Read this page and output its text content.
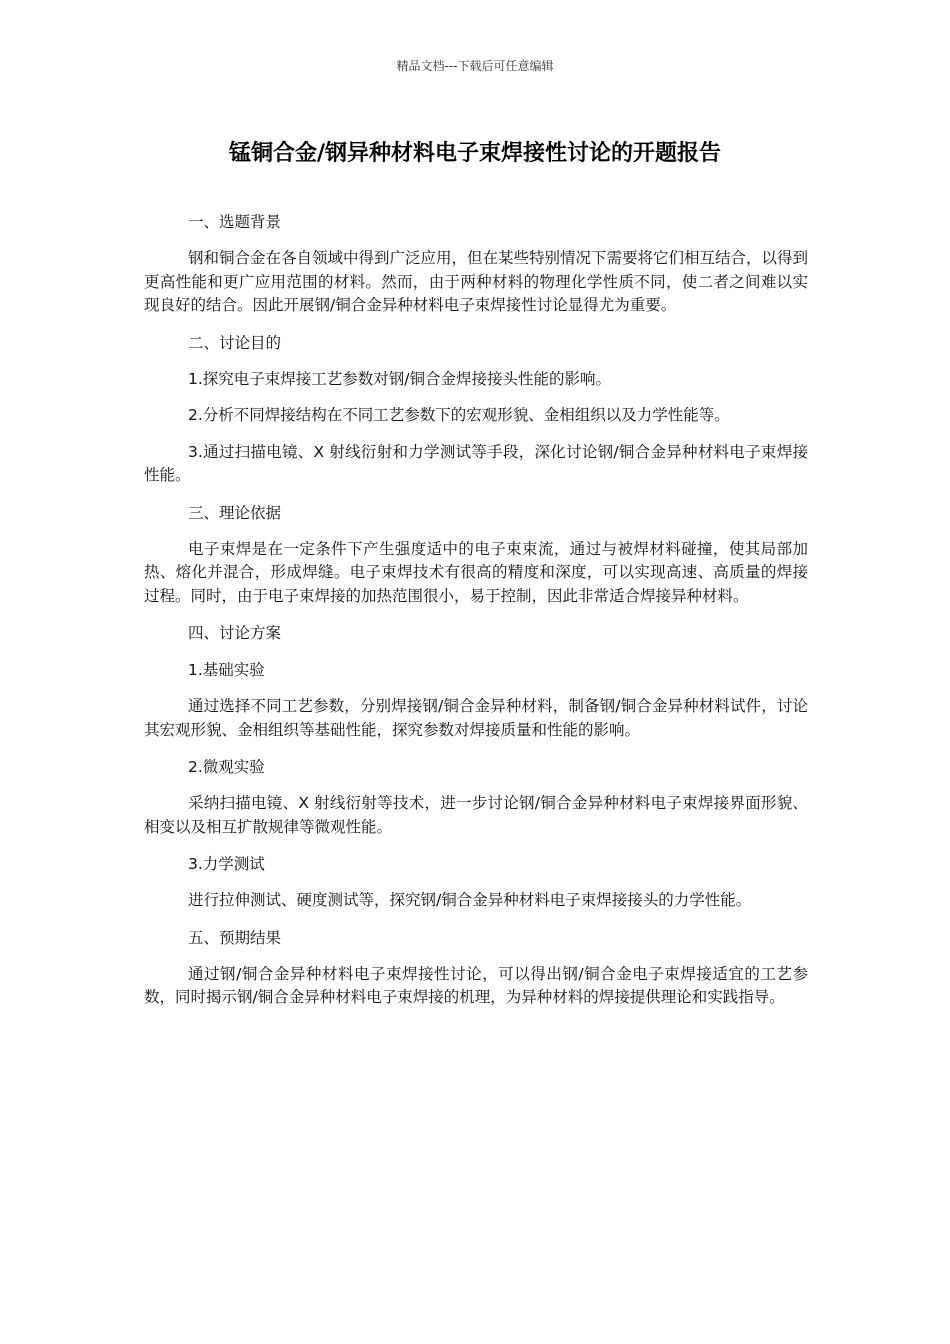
精品文档---下载后可任意编辑
锰铜合金/钢异种材料电子束焊接性讨论的开题报告

一、选题背景

钢和铜合金在各自领域中得到广泛应用，但在某些特别情况下需要将它们相互结合，以得到更高性能和更广应用范围的材料。然而，由于两种材料的物理化学性质不同，使二者之间难以实现良好的结合。因此开展钢/铜合金异种材料电子束焊接性讨论显得尤为重要。

二、讨论目的

1.探究电子束焊接工艺参数对钢/铜合金焊接接头性能的影响。

2.分析不同焊接结构在不同工艺参数下的宏观形貌、金相组织以及力学性能等。

3.通过扫描电镜、X 射线衍射和力学测试等手段，深化讨论钢/铜合金异种材料电子束焊接性能。

三、理论依据

电子束焊是在一定条件下产生强度适中的电子束束流，通过与被焊材料碰撞，使其局部加热、熔化并混合，形成焊缝。电子束焊技术有很高的精度和深度，可以实现高速、高质量的焊接过程。同时，由于电子束焊接的加热范围很小，易于控制，因此非常适合焊接异种材料。

四、讨论方案

1.基础实验

通过选择不同工艺参数，分别焊接钢/铜合金异种材料，制备钢/铜合金异种材料试件，讨论其宏观形貌、金相组织等基础性能，探究参数对焊接质量和性能的影响。

2.微观实验

采纳扫描电镜、X 射线衍射等技术，进一步讨论钢/铜合金异种材料电子束焊接界面形貌、相变以及相互扩散规律等微观性能。

3.力学测试

进行拉伸测试、硬度测试等，探究钢/铜合金异种材料电子束焊接接头的力学性能。

五、预期结果

通过钢/铜合金异种材料电子束焊接性讨论，可以得出钢/铜合金电子束焊接适宜的工艺参数，同时揭示钢/铜合金异种材料电子束焊接的机理，为异种材料的焊接提供理论和实践指导。
